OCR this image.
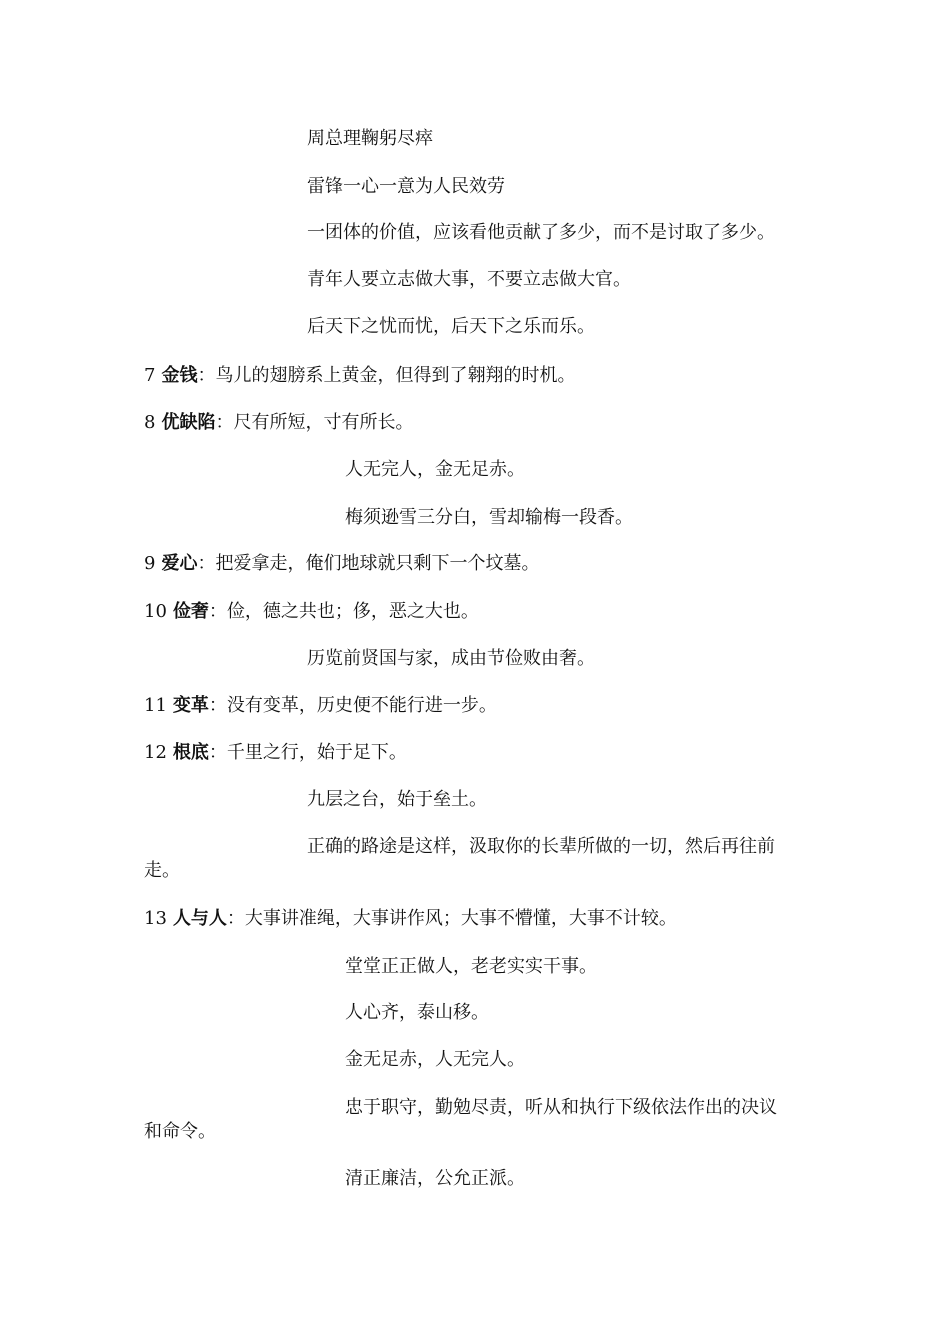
周总理鞠躬尽瘁
雷锋一心一意为人民效劳
一团体的价值，应该看他贡献了多少，而不是讨取了多少。
青年人要立志做大事，不要立志做大官。
后天下之忧而忧，后天下之乐而乐。
7 金钱：鸟儿的翅膀系上黄金，但得到了翱翔的时机。
8 优缺陷：尺有所短，寸有所长。
人无完人，金无足赤。
梅须逊雪三分白，雪却输梅一段香。
9 爱心：把爱拿走，俺们地球就只剩下一个坟墓。
10 俭奢：俭，德之共也；侈，恶之大也。
历览前贤国与家，成由节俭败由奢。
11 变革：没有变革，历史便不能行进一步。
12 根底：千里之行，始于足下。
九层之台，始于垒土。
正确的路途是这样，汲取你的长辈所做的一切，然后再往前
走。
13 人与人：大事讲准绳，大事讲作风；大事不懵懂，大事不计较。
堂堂正正做人，老老实实干事。
人心齐，泰山移。
金无足赤，人无完人。
忠于职守，勤勉尽责，听从和执行下级依法作出的决议
和命令。
清正廉洁，公允正派。
